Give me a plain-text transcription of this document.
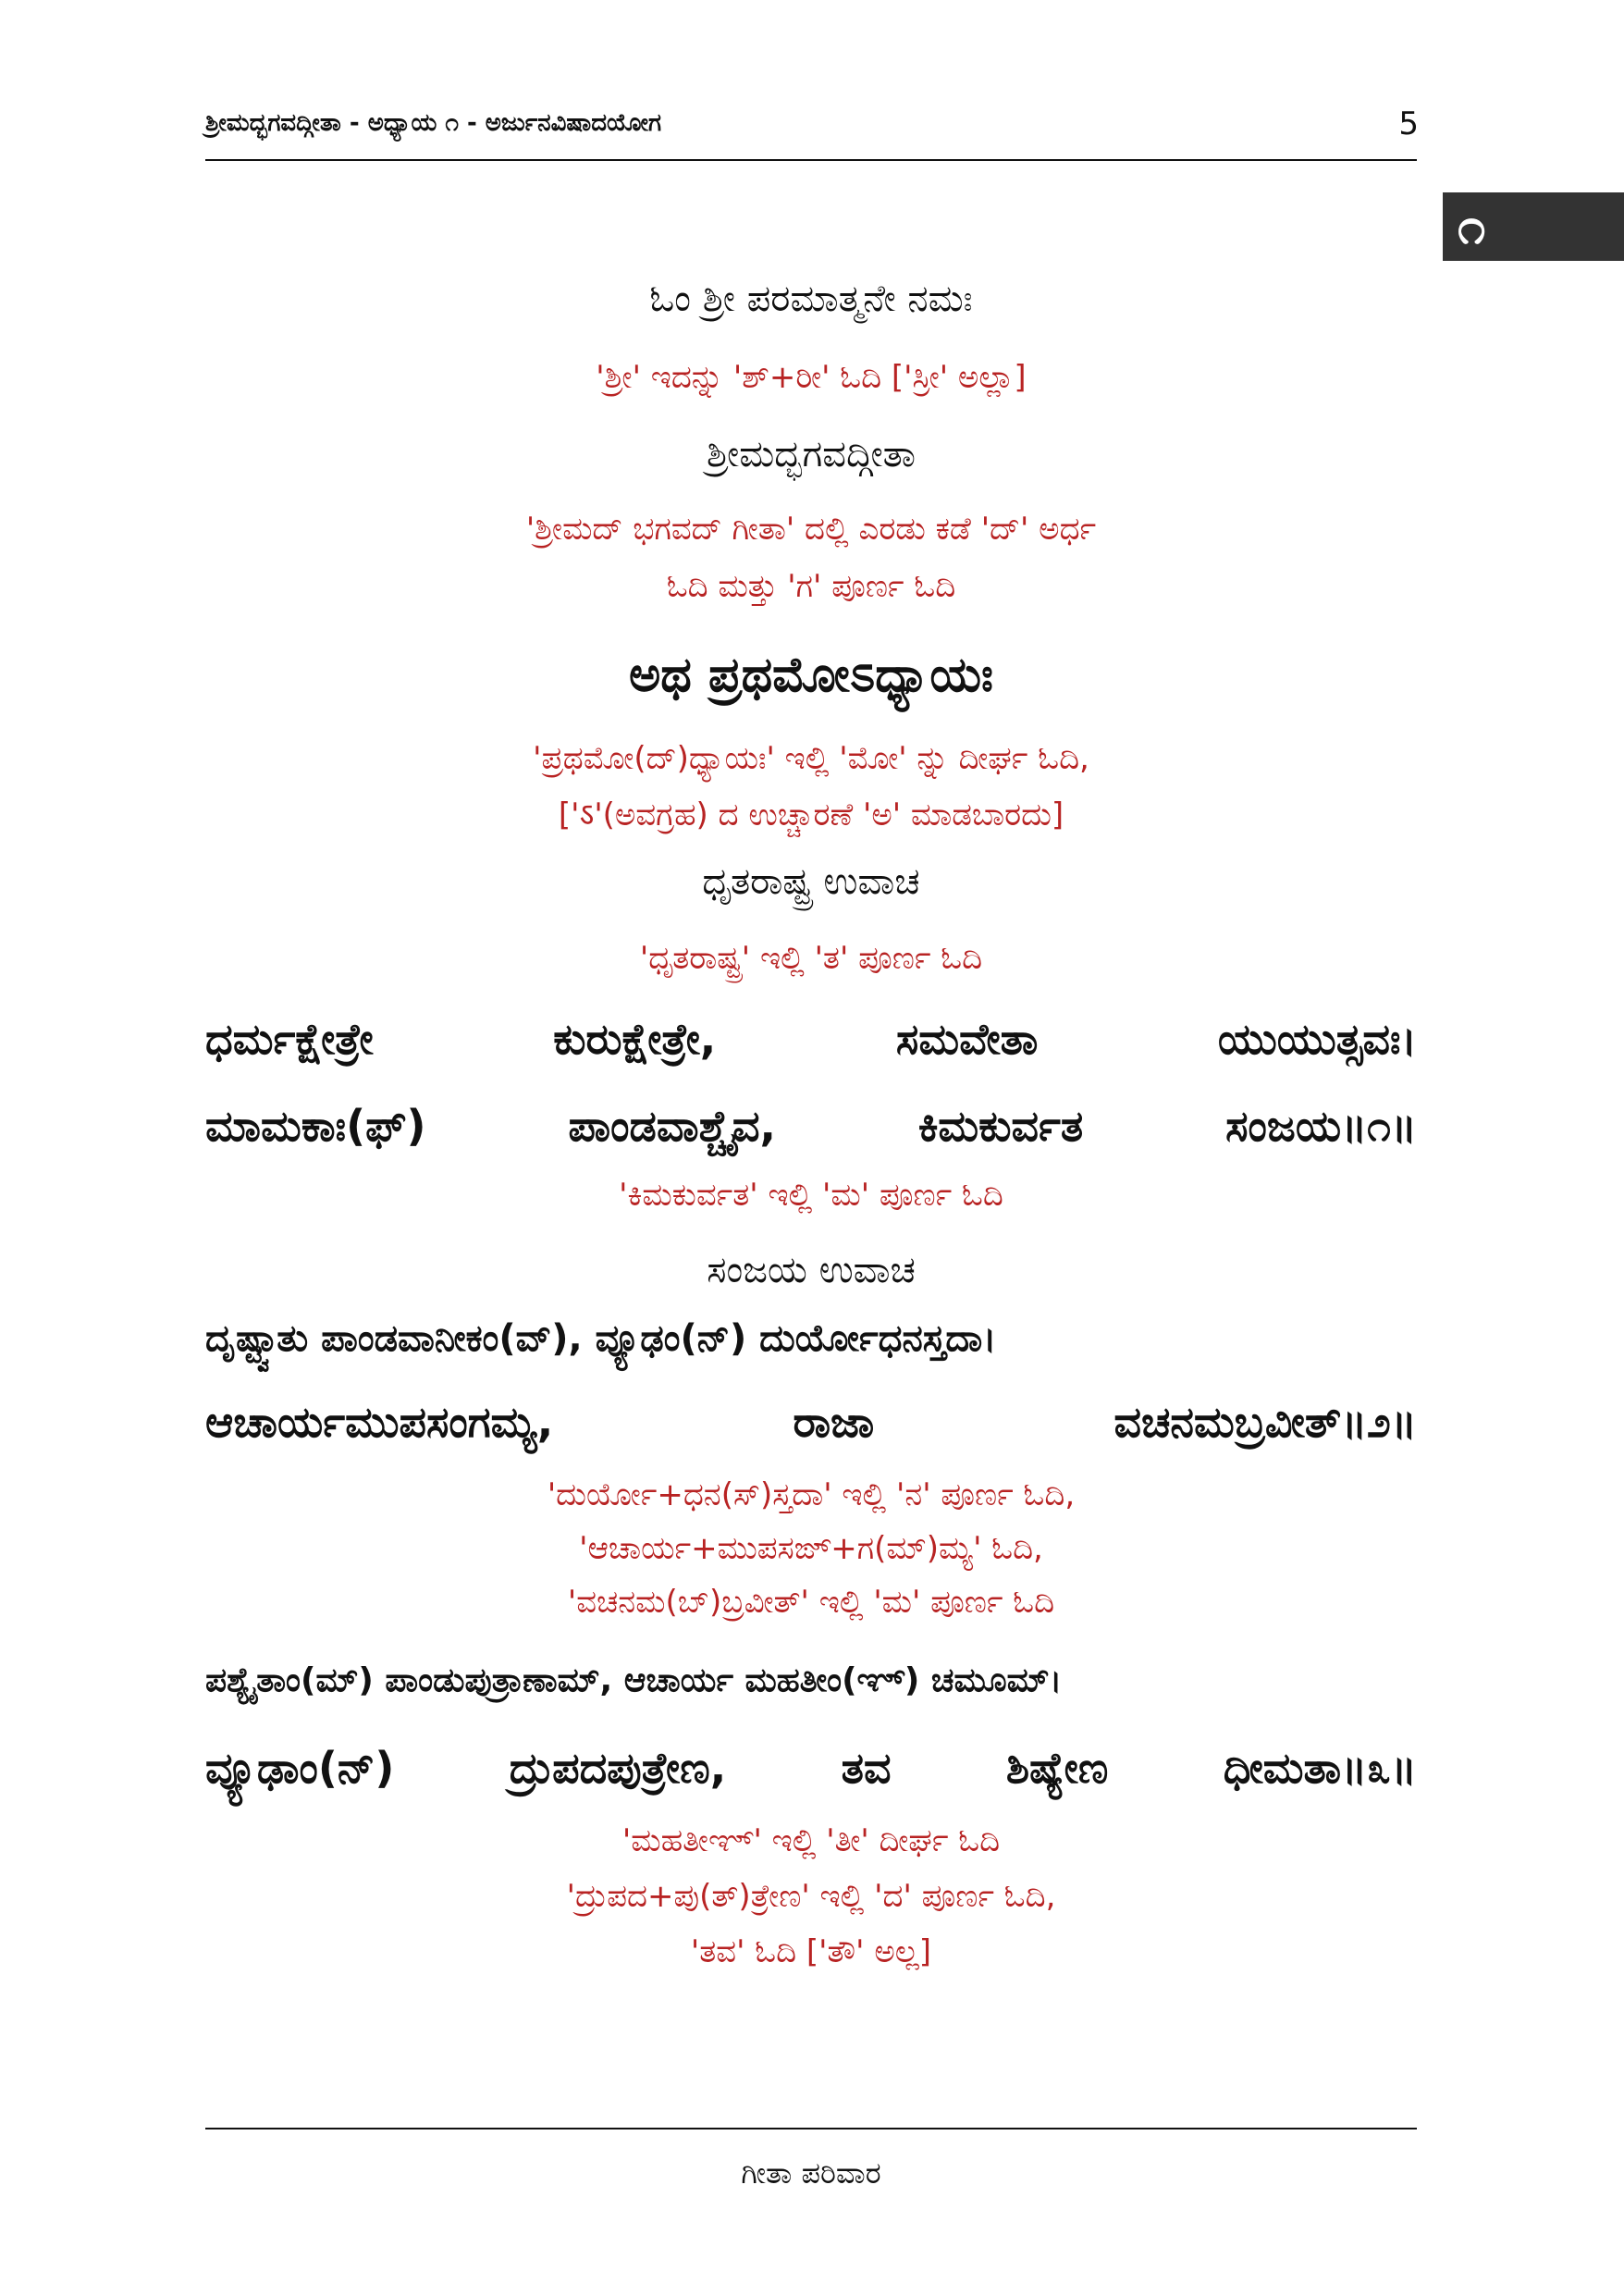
ಶ್ರೀಮದ್ಭಗವದ್ಗೀತಾ - ಅಧ್ಯಾಯ ೧ - ಅರ್ಜುನವಿಷಾದಯೋಗ	5
೧
ಓಂ ಶ್ರೀ ಪರಮಾತ್ಮನೇ ನಮಃ
'ಶ್ರೀ' ಇದನ್ನು 'ಶ್+ರೀ' ಓದಿ ['ಸ್ರೀ' ಅಲ್ಲಾ]
ಶ್ರೀಮದ್ಭಗವದ್ಗೀತಾ
'ಶ್ರೀಮದ್ ಭಗವದ್ ಗೀತಾ' ದಲ್ಲಿ ಎರಡು ಕಡೆ 'ದ್' ಅರ್ಧ
ಓದಿ ಮತ್ತು 'ಗ' ಪೂರ್ಣ ಓದಿ
ಅಥ ಪ್ರಥಮೋಽಧ್ಯಾಯಃ
'ಪ್ರಥಮೋ(ದ್)ಧ್ಯಾಯಃ' ಇಲ್ಲಿ 'ಮೋ' ನ್ನು ದೀರ್ಘ ಓದಿ,
['ऽ'(ಅವಗ್ರಹ) ದ ಉಚ್ಚಾರಣೆ 'ಅ' ಮಾಡಬಾರದು]
ಧೃತರಾಷ್ಟ್ರ ಉವಾಚ
'ಧೃತರಾಷ್ಟ್ರ' ಇಲ್ಲಿ 'ತ' ಪೂರ್ಣ ಓದಿ
ಧರ್ಮಕ್ಷೇತ್ರೇ	ಕುರುಕ್ಷೇತ್ರೇ,	ಸಮವೇತಾ	ಯುಯುತ್ಸವಃ।
ಮಾಮಕಾಃ(ಫ್)	ಪಾಂಡವಾಶ್ಚೈವ,	ಕಿಮಕುರ್ವತ	ಸಂಜಯ॥೧॥
'ಕಿಮಕುರ್ವತ' ಇಲ್ಲಿ 'ಮ' ಪೂರ್ಣ ಓದಿ
ಸಂಜಯ ಉವಾಚ
ದೃಷ್ಟ್ವಾತು ಪಾಂಡವಾನೀಕಂ(ವ್), ವ್ಯೂಢಂ(ನ್) ದುರ್ಯೋಧನಸ್ತದಾ।
ಆಚಾರ್ಯಮುಪಸಂಗಮ್ಯ,	ರಾಜಾ	ವಚನಮಬ್ರವೀತ್॥೨॥
'ದುರ್ಯೋ+ಧನ(ಸ್)ಸ್ತದಾ' ಇಲ್ಲಿ 'ನ' ಪೂರ್ಣ ಓದಿ,
'ಆಚಾರ್ಯ+ಮುಪಸಙ್+ಗ(ಮ್)ಮ್ಯ' ಓದಿ,
'ವಚನಮ(ಬ್)ಬ್ರವೀತ್' ಇಲ್ಲಿ 'ಮ' ಪೂರ್ಣ ಓದಿ
ಪಶ್ಯೈತಾಂ(ಮ್) ಪಾಂಡುಪುತ್ರಾಣಾಮ್, ಆಚಾರ್ಯ ಮಹತೀಂ(ಞ್) ಚಮೂಮ್।
ವ್ಯೂಢಾಂ(ನ್)	ದ್ರುಪದಪುತ್ರೇಣ,	ತವ	ಶಿಷ್ಯೇಣ	ಧೀಮತಾ॥೩॥
'ಮಹತೀಞ್' ಇಲ್ಲಿ 'ತೀ' ದೀರ್ಘ ಓದಿ
'ದ್ರುಪದ+ಪು(ತ್)ತ್ರೇಣ' ಇಲ್ಲಿ 'ದ' ಪೂರ್ಣ ಓದಿ,
'ತವ' ಓದಿ ['ತೌ' ಅಲ್ಲ]
ಗೀತಾ ಪರಿವಾರ
